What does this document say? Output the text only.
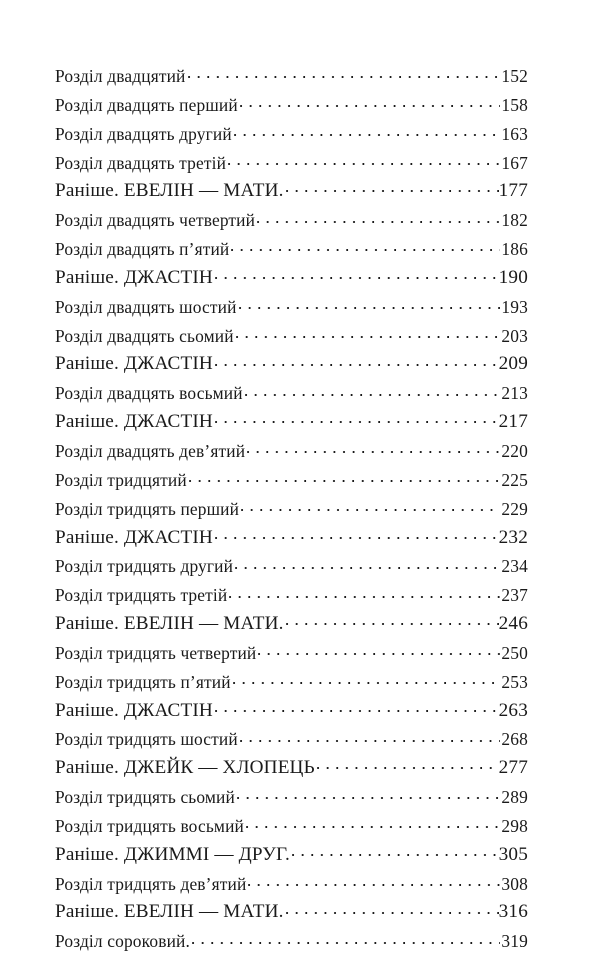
Розділ двадцятий	152
Розділ двадцять перший	158
Розділ двадцять другий	163
Розділ двадцять третій	167
Раніше. ЕВЕЛІН — МАТИ.	177
Розділ двадцять четвертий	182
Розділ двадцять п’ятий	186
Раніше. ДЖАСТІН	190
Розділ двадцять шостий	193
Розділ двадцять сьомий	203
Раніше. ДЖАСТІН	209
Розділ двадцять восьмий	213
Раніше. ДЖАСТІН	217
Розділ двадцять дев’ятий	220
Розділ тридцятий	225
Розділ тридцять перший	229
Раніше. ДЖАСТІН	232
Розділ тридцять другий	234
Розділ тридцять третій	237
Раніше. ЕВЕЛІН — МАТИ.	246
Розділ тридцять четвертий	250
Розділ тридцять п’ятий	253
Раніше. ДЖАСТІН	263
Розділ тридцять шостий	268
Раніше. ДЖЕЙК — ХЛОПЕЦЬ	277
Розділ тридцять сьомий	289
Розділ тридцять восьмий	298
Раніше. ДЖИММІ — ДРУГ.	305
Розділ тридцять дев’ятий	308
Раніше. ЕВЕЛІН — МАТИ.	316
Розділ сороковий.	319
